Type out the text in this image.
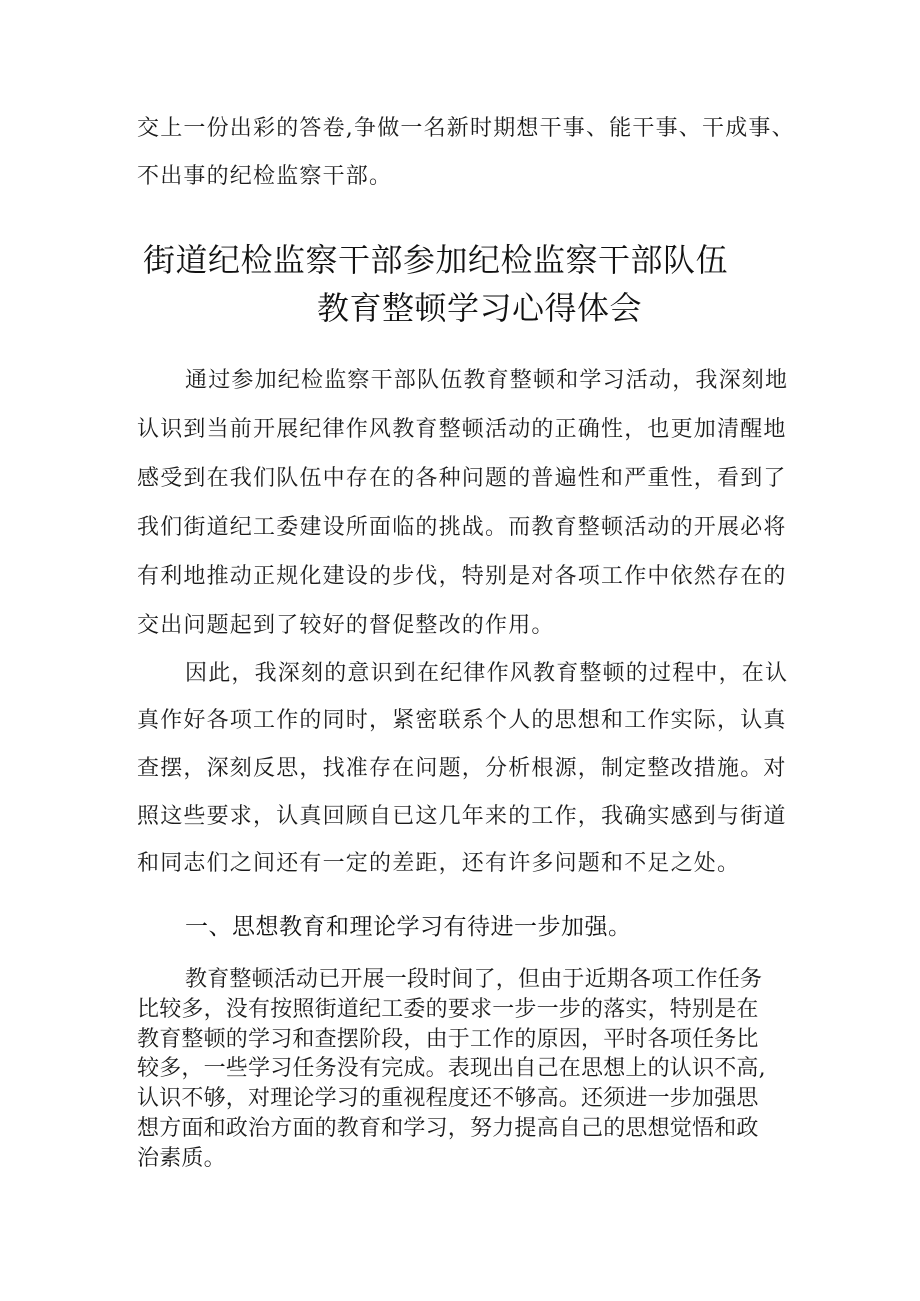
交上一份出彩的答卷,争做一名新时期想干事、能干事、干成事、
不出事的纪检监察干部。
街道纪检监察干部参加纪检监察干部队伍
教育整顿学习心得体会
通过参加纪检监察干部队伍教育整顿和学习活动，我深刻地
认识到当前开展纪律作风教育整顿活动的正确性，也更加清醒地
感受到在我们队伍中存在的各种问题的普遍性和严重性，看到了
我们街道纪工委建设所面临的挑战。而教育整顿活动的开展必将
有利地推动正规化建设的步伐，特别是对各项工作中依然存在的
交出问题起到了较好的督促整改的作用。
因此，我深刻的意识到在纪律作风教育整顿的过程中，在认
真作好各项工作的同时，紧密联系个人的思想和工作实际，认真
查摆，深刻反思，找准存在问题，分析根源，制定整改措施。对
照这些要求，认真回顾自已这几年来的工作，我确实感到与街道
和同志们之间还有一定的差距，还有许多问题和不足之处。
一、思想教育和理论学习有待进一步加强。
教育整顿活动已开展一段时间了，但由于近期各项工作任务
比较多，没有按照街道纪工委的要求一步一步的落实，特别是在
教育整顿的学习和查摆阶段，由于工作的原因，平时各项任务比
较多，一些学习任务没有完成。表现出自己在思想上的认识不高,
认识不够，对理论学习的重视程度还不够高。还须进一步加强思
想方面和政治方面的教育和学习，努力提高自己的思想觉悟和政
治素质。
